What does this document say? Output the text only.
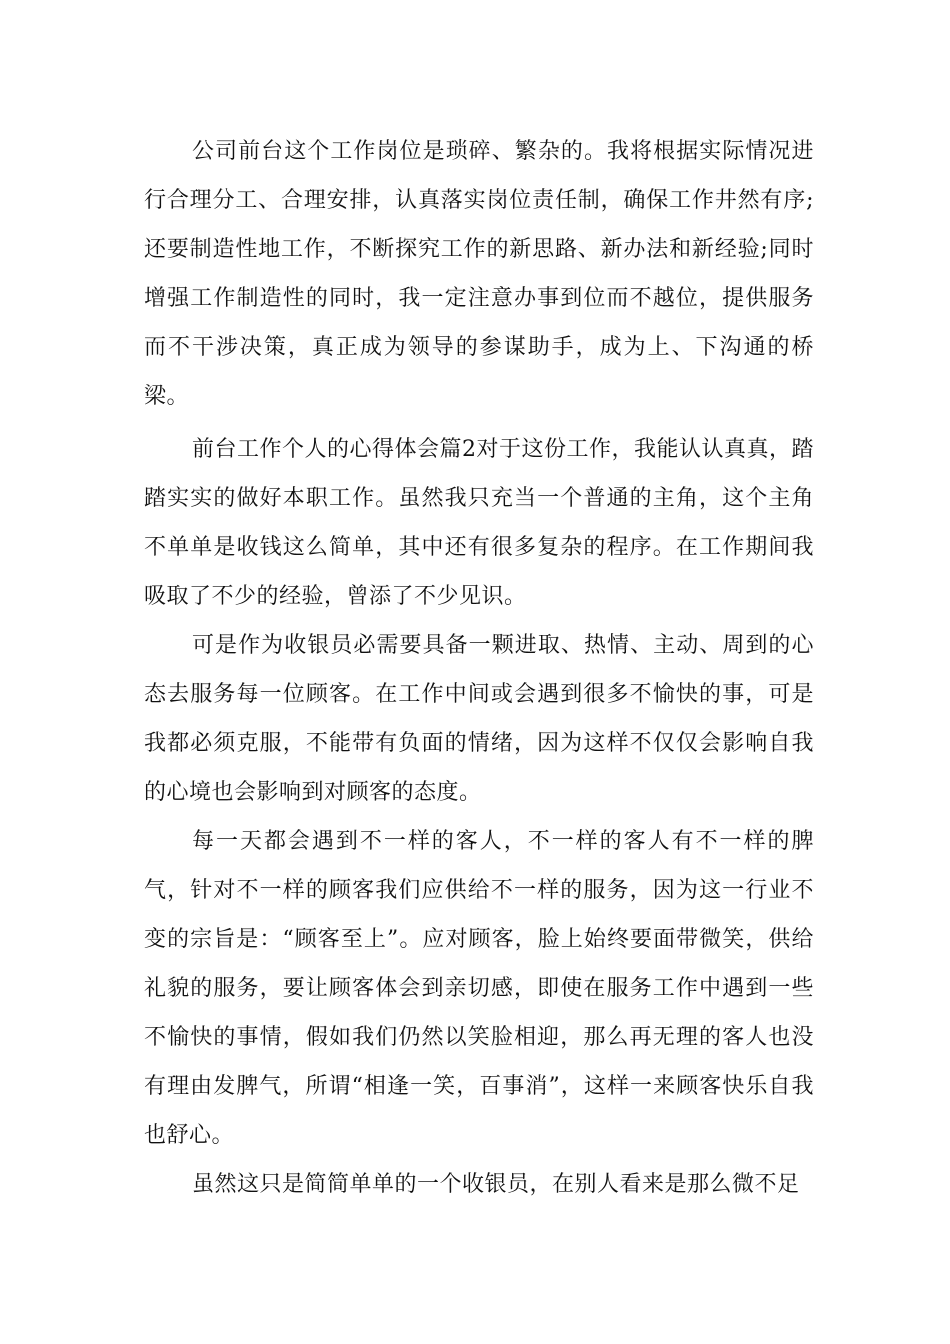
公司前台这个工作岗位是琐碎、繁杂的。我将根据实际情况进行合理分工、合理安排，认真落实岗位责任制，确保工作井然有序;还要制造性地工作，不断探究工作的新思路、新办法和新经验;同时增强工作制造性的同时，我一定注意办事到位而不越位，提供服务而不干涉决策，真正成为领导的参谋助手，成为上、下沟通的桥梁。

前台工作个人的心得体会篇2对于这份工作，我能认认真真，踏踏实实的做好本职工作。虽然我只充当一个普通的主角，这个主角不单单是收钱这么简单，其中还有很多复杂的程序。在工作期间我吸取了不少的经验，曾添了不少见识。

可是作为收银员必需要具备一颗进取、热情、主动、周到的心态去服务每一位顾客。在工作中间或会遇到很多不愉快的事，可是我都必须克服，不能带有负面的情绪，因为这样不仅仅会影响自我的心境也会影响到对顾客的态度。

每一天都会遇到不一样的客人，不一样的客人有不一样的脾气，针对不一样的顾客我们应供给不一样的服务，因为这一行业不变的宗旨是：“顾客至上”。应对顾客，脸上始终要面带微笑，供给礼貌的服务，要让顾客体会到亲切感，即使在服务工作中遇到一些不愉快的事情，假如我们仍然以笑脸相迎，那么再无理的客人也没有理由发脾气，所谓“相逢一笑，百事消”，这样一来顾客快乐自我也舒心。

虽然这只是简简单单的一个收银员，在别人看来是那么微不足
